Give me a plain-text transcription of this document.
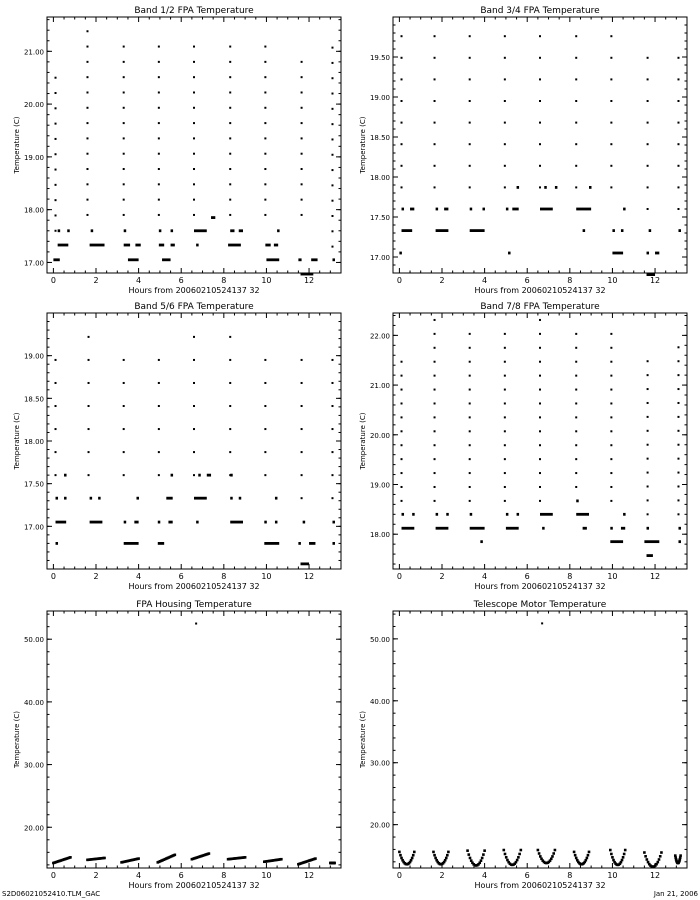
Band 1/2 FPA Temperature
Hours from 20060210524137 32
Temperature (C)
0	2	4	6	8	10	12
17.00
18.00
19.00
20.00
21.00
Band 3/4 FPA Temperature
Hours from 20060210524137 32
Temperature (C)
0	2	4	6	8	10	12
17.00
17.50
18.00
18.50
19.00
19.50
Band 5/6 FPA Temperature
Hours from 20060210524137 32
Temperature (C)
0	2	4	6	8	10	12
17.00
17.50
18.00
18.50
19.00
Band 7/8 FPA Temperature
Hours from 20060210524137 32
Temperature (C)
0	2	4	6	8	10	12
18.00
19.00
20.00
21.00
22.00
FPA Housing Temperature
Hours from 20060210524137 32
Temperature (C)
0	2	4	6	8	10	12
20.00
30.00
40.00
50.00
Telescope Motor Temperature
Hours from 20060210524137 32
Temperature (C)
0	2	4	6	8	10	12
20.00
30.00
40.00
50.00
S2D06021052410.TLM_GAC	Jan 21, 2006
